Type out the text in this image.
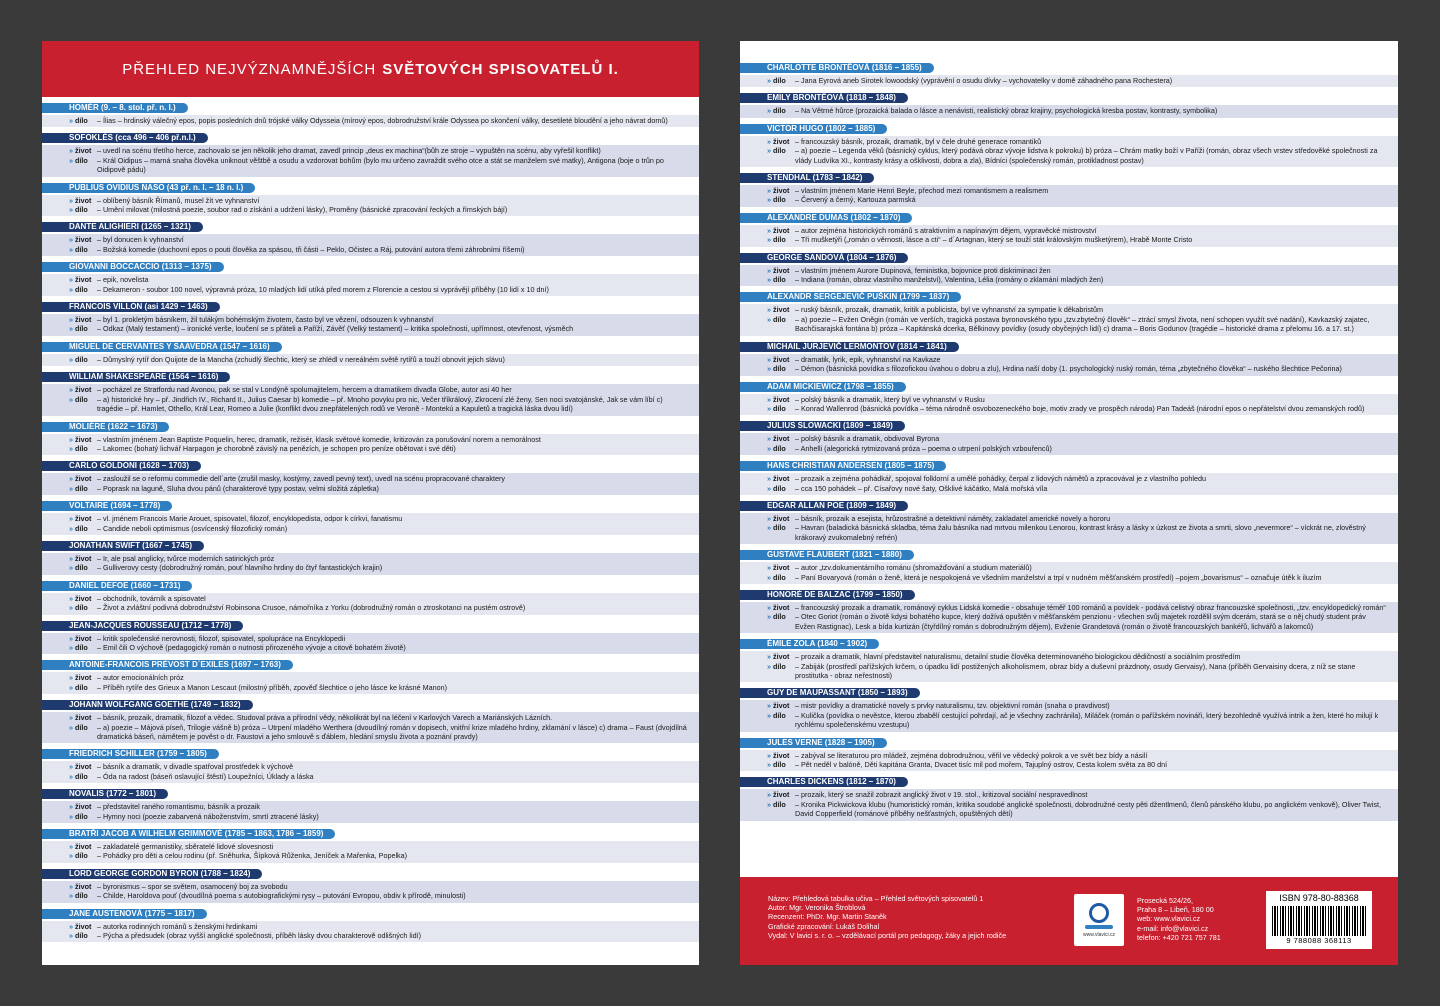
PŘEHLED NEJVÝZNAMNĚJŠÍCH SVĚTOVÝCH SPISOVATELŮ I.
HOMÉR (9. – 8. stol. př. n. l.)
» dílo	– Ílias – hrdinský válečný epos, popis posledních dnů trójské války Odysseia (mírový epos, dobrodružství krále Odyssea po skončení války, desetileté bloudění a jeho návrat domů)
SOFOKLÉS (cca 496 – 406 př.n.l.)
» život – uvedl na scénu třetího herce, zachovalo se jen několik jeho dramat, zavedl princip „deus ex machina“(bůh ze stroje – vypuštěn na scénu, aby vyřešil konflikt)
» dílo	– Král Oidipus – marná snaha člověka uniknout věštbě a osudu a vzdorovat bohům (bylo mu určeno zavraždit svého otce a stát se manželem své matky), Antigona (boje o trůn po Oidipově pádu)
PUBLIUS OVIDIUS NASO (43 př. n. l. – 18 n. l.)
» život – oblíbený básník Římanů, musel žít ve vyhnanství
» dílo	– Umění milovat (milostná poezie, soubor rad o získání a udržení lásky), Proměny (básnické zpracování řeckých a římských bájí)
DANTE ALIGHIERI (1265 – 1321)
» život – byl donucen k vyhnanství
» dílo	– Božská komedie (duchovní epos o pouti člověka za spásou, tři části – Peklo, Očistec a Ráj, putování autora třemi záhrobními říšemi)
GIOVANNI BOCCACCIO (1313 – 1375)
» život – epik, novelista
» dílo	– Dekameron - soubor 100 novel, výpravná próza, 10 mladých lidí utíká před morem z Florencie a cestou si vyprávějí příběhy (10 lidí x 10 dní)
FRANCOIS VILLON (asi 1429 – 1463)
» život – byl 1. prokletým básníkem, žil tulákým bohémským životem, často byl ve vězení, odsouzen k vyhnanství
» dílo	– Odkaz (Malý testament) – ironické verše, loučení se s přáteli a Paříží, Závěť (Velký testament) – kritika společnosti, upřímnost, otevřenost, výsměch
MIGUEL DE CERVANTES Y SAAVEDRA (1547 – 1616)
» dílo	– Důmyslný rytíř don Quijote de la Mancha (zchudlý šlechtic, který se zhlédl v nereálném světě rytířů a touží obnovit jejich slávu)
WILLIAM SHAKESPEARE (1564 – 1616)
» život – pocházel ze Stratfordu nad Avonou, pak se stal v Londýně spolumajitelem, hercem a dramatikem divadla Globe, autor asi 40 her
» dílo	– a) historické hry – př. Jindřich IV., Richard II., Julius Caesar b) komedie – př. Mnoho povyku pro nic, Večer tříkrálový, Zkrocení zlé ženy, Sen noci svatojánské, Jak se vám líbí c) tragédie – př. Hamlet, Othello, Král Lear, Romeo a Julie (konflikt dvou znepřátelených rodů ve Veroně - Montekú a Kapuletů a tragická láska dvou lidí)
MOLIÉRE (1622 – 1673)
» život – vlastním jménem Jean Baptiste Poquelin, herec, dramatik, režisér, klasik světové komedie, kritizován za porušování norem a nemorálnost
» dílo	– Lakomec (bohatý lichvář Harpagon je chorobně závislý na penězích, je schopen pro peníze obětovat i své děti)
CARLO GOLDONI (1628 – 1703)
» život – zasloužil se o reformu commedie dell´arte (zrušil masky, kostýmy, zavedl pevný text), uvedl na scénu propracované charaktery
» dílo	– Poprask na laguně, Sluha dvou pánů (charakterové typy postav, velmi složitá zápletka)
VOLTAIRE (1694 – 1778)
» život – vl. jménem Francois Marie Arouet, spisovatel, filozof, encyklopedista, odpor k církvi, fanatismu
» dílo	– Candide neboli optimismus (osvícenský filozofický román)
JONATHAN SWIFT (1667 – 1745)
» život – Ir, ale psal anglicky, tvůrce moderních satirických próz
» dílo	– Gulliverovy cesty (dobrodružný román, pouť hlavního hrdiny do čtyř fantastických krajin)
DANIEL DEFOE (1660 – 1731)
» život – obchodník, továrník a spisovatel
» dílo	– Život a zvláštní podivná dobrodružství Robinsona Crusoe, námořníka z Yorku (dobrodružný román o ztroskotanci na pustém ostrově)
JEAN-JACQUES ROUSSEAU (1712 – 1778)
» život – kritik společenské nerovnosti, filozof, spisovatel, spolupráce na Encyklopedii
» dílo	– Emil čili O výchově (pedagogický román o nutnosti přirozeného vývoje a citově bohatém životě)
ANTOINE-FRANCOIS PRÉVOST D´EXILES (1697 – 1763)
» život – autor emocionálních próz
» dílo	– Příběh rytíře des Grieux a Manon Lescaut (milostný příběh, zpověď šlechtice o jeho lásce ke krásné Manon)
JOHANN WOLFGANG GOETHE (1749 – 1832)
» život – básník, prozaik, dramatik, filozof a vědec. Studoval práva a přírodní vědy, několikrát byl na léčení v Karlových Varech a Mariánských Lázních.
» dílo	– a) poezie – Májová píseň, Trilogie vášně b) próza – Utrpení mladého Werthera (dvoudílný román v dopisech, vnitřní krize mladého hrdiny, zklamání v lásce) c) drama – Faust (dvojdílná dramatická báseň, námětem je pověst o dr. Faustovi a jeho smlouvě s ďáblem, hledání smyslu života a poznání pravdy)
FRIEDRICH SCHILLER (1759 – 1805)
» život – básník a dramatik, v divadle spatřoval prostředek k výchově
» dílo	– Óda na radost (báseň oslavující štěstí) Loupežníci, Úklady a láska
NOVALIS (1772 – 1801)
» život – představitel raného romantismu, básník a prozaik
» dílo	– Hymny noci (poezie zabarvená náboženstvím, smrtí ztracené lásky)
BRATŘI JACOB A WILHELM GRIMMOVÉ (1785 – 1863, 1786 – 1859)
» život – zakladatelé germanistiky, sběratelé lidové slovesnosti
» dílo	– Pohádky pro děti a celou rodinu (př. Sněhurka, Šípková Růženka, Jeníček a Mařenka, Popelka)
LORD GEORGE GORDON BYRON (1788 – 1824)
» život – byronismus – spor se světem, osamocený boj za svobodu
» dílo	– Childe, Haroldova pouť (dvoudílná poema s autobiografickými rysy – putování Evropou, obdiv k přírodě, minulosti)
JANE AUSTENOVÁ (1775 – 1817)
» život – autorka rodinných románů s ženskými hrdinkami
» dílo	– Pýcha a předsudek (obraz vyšší anglické společnosti, příběh lásky dvou charakterově odlišných lidí)
CHARLOTTE BRONTËOVÁ (1816 – 1855)
» dílo	– Jana Eyrová aneb Sirotek lowoodský (vyprávění o osudu dívky – vychovatelky v domě záhadného pana Rochestera)
EMILY BRONTËOVÁ (1818 – 1848)
» dílo	– Na Větrné hůrce (prozaická balada o lásce a nenávisti, realistický obraz krajiny, psychologická kresba postav, kontrasty, symbolika)
VICTOR HUGO (1802 – 1885)
» život – francouzský básník, prozaik, dramatik, byl v čele druhé generace romantiků
» dílo	– a) poezie – Legenda věků (básnický cyklus, který podává obraz vývoje lidstva k pokroku) b) próza – Chrám matky boží v Paříži (román, obraz všech vrstev středověké společnosti za vlády Ludvíka XI., kontrasty krásy a ošklivosti, dobra a zla), Bídníci (společenský román, protikladnost postav)
STENDHAL (1783 – 1842)
» život – vlastním jménem Marie Henri Beyle, přechod mezi romantismem a realismem
» dílo	– Červený a černý, Kartouza parmská
ALEXANDRE DUMAS (1802 – 1870)
» život – autor zejména historických románů s atraktivním a napínavým dějem, vypravěcké mistrovství
» dílo	– Tři mušketýři („román o věrnosti, lásce a cti“ – d´Artagnan, který se touží stát královským mušketýrem), Hrabě Monte Cristo
GEORGE SANDOVÁ (1804 – 1876)
» život – vlastním jménem Aurore Dupinová, feministka, bojovnice proti diskriminaci žen
» dílo	– Indiana (román, obraz vlastního manželství), Valentina, Lélia (romány o zklamání mladých žen)
ALEXANDR SERGEJEVIČ PUŠKIN (1799 – 1837)
» život – ruský básník, prozaik, dramatik, kritik a publicista, byl ve vyhnanství za sympatie k děkabristům
» dílo	– a) poezie – Evžen Oněgin (román ve verších, tragická postava byronovského typu „tzv.zbytečný člověk“ – ztrácí smysl života, není schopen využít své nadání), Kavkazský zajatec, Bachčisarajská fontána b) próza – Kapitánská dcerka, Bělkinovy povídky (osudy obyčejných lidí) c) drama – Boris Godunov (tragédie – historické drama z přelomu 16. a 17. st.)
MICHAIL JURJEVIČ LERMONTOV (1814 – 1841)
» život – dramatik, lyrik, epik, vyhnanství na Kavkaze
» dílo	– Démon (básnická povídka s filozofickou úvahou o dobru a zlu), Hrdina naší doby (1. psychologický ruský román, téma „zbytečného člověka“ – ruského šlechtice Pečorina)
ADAM MICKIEWICZ (1798 – 1855)
» život – polský básník a dramatik, který byl ve vyhnanství v Rusku
» dílo	– Konrad Wallenrod (básnická povídka – téma národně osvobozeneckého boje, motiv zrady ve prospěch národa) Pan Tadeáš (národní epos o nepřátelství dvou zemanských rodů)
JULIUS SLOWACKI (1809 – 1849)
» život – polský básník a dramatik, obdivoval Byrona
» dílo	– Anhelli (alegorická rytmizovaná próza – poema o utrpení polských vzbouřenců)
HANS CHRISTIAN ANDERSEN (1805 – 1875)
» život – prozaik a zejména pohádkář, spojoval folklorní a umělé pohádky, čerpal z lidových námětů a zpracovával je z vlastního pohledu
» dílo	– cca 150 pohádek – př. Císařovy nové šaty, Ošklivé káčátko, Malá mořská víla
EDGAR ALLAN POE (1809 – 1849)
» život – básník, prozaik a esejista, hrůzostrašné a detektivní náměty, zakladatel americké novely a hororu
» dílo	– Havran (baladická básnická skladba, téma žalu básníka nad mrtvou milenkou Lenorou, kontrast krásy a lásky x úzkost ze života a smrti, slovo „nevermore“ – víckrát ne, zlověstný krákoravý zvukomalebný refrén)
GUSTAVE FLAUBERT (1821 – 1880)
» život – autor „tzv.dokumentárního románu (shromažďování a studium materiálů)
» dílo	– Paní Bovaryová (román o ženě, která je nespokojená ve všedním manželství a trpí v nudném měšťanském prostředí) –pojem „bovarismus“ – označuje útěk k iluzím
HONORÉ DE BALZAC (1799 – 1850)
» život – francouzský prozaik a dramatik, románový cyklus Lidská komedie - obsahuje téměř 100 románů a povídek - podává celistvý obraz francouzské společnosti, „tzv. encyklopedický román“
» dílo	– Otec Goriot (román o životě kdysi bohatého kupce, který dožívá opuštěn v měšťanském penzionu - všechen svůj majetek rozdělil svým dcerám, stará se o něj chudý student práv Evžen Rastignac), Lesk a bída kurtizán (čtyřdílný román s dobrodružným dějem), Evženie Grandetová (román o životě francouzských bankéřů, lichvářů a lakomců)
ÉMILE ZOLA (1840 – 1902)
» život – prozaik a dramatik, hlavní představitel naturalismu, detailní studie člověka determinovaného biologickou dědičností a sociálním prostředím
» dílo	– Zabiják (prostředí pařížských krčem, o úpadku lidí postižených alkoholismem, obraz bídy a duševní prázdnoty, osudy Gervaisy), Nana (příběh Gervaisiny dcera, z níž se stane prostitutka - obraz neřestnosti)
GUY DE MAUPASSANT (1850 – 1893)
» život – mistr povídky a dramatické novely s prvky naturalismu, tzv. objektivní román (snaha o pravdivost)
» dílo	– Kulička (povídka o nevěstce, kterou zbabělí cestující pohrdají, ač je všechny zachránila), Miláček (román o pařížském novináři, který bezohledně využívá intrik a žen, které ho milují k rychlému společenskému vzestupu)
JULES VERNE (1828 – 1905)
» život – zabýval se literaturou pro mládež, zejména dobrodružnou, věřil ve vědecký pokrok a ve svět bez bídy a násilí
» dílo	– Pět neděl v balóně, Děti kapitána Granta, Dvacet tisíc mil pod mořem, Tajuplný ostrov, Cesta kolem světa za 80 dní
CHARLES DICKENS (1812 – 1870)
» život – prozaik, který se snažil zobrazit anglický život v 19. stol., kritizoval sociální nespravedlnost
» dílo	– Kronika Pickwickova klubu (humoristický román, kritika soudobé anglické společnosti, dobrodružné cesty pěti džentlmenů, členů pánského klubu, po anglickém venkově), Oliver Twist, David Copperfield (románové příběhy nešťastných, opuštěných dětí)
Název: Přehledová tabulka učiva – Přehled světových spisovatelů 1
Autor: Mgr. Veronika Štroblová
Recenzent: PhDr. Mgr. Martin Staněk
Grafické zpracování: Lukáš Dolihal
Vydal: V lavici s. r. o. – vzdělávací portál pro pedagogy, žáky a jejich rodiče	www.vlavici.cz
Prosecká 524/26,
Praha 8 – Libeň, 180 00
web: www.vlavici.cz
e-mail: info@vlavici.cz
telefon: +420 721 757 781
ISBN 978-80-88368
9 788088 368113
